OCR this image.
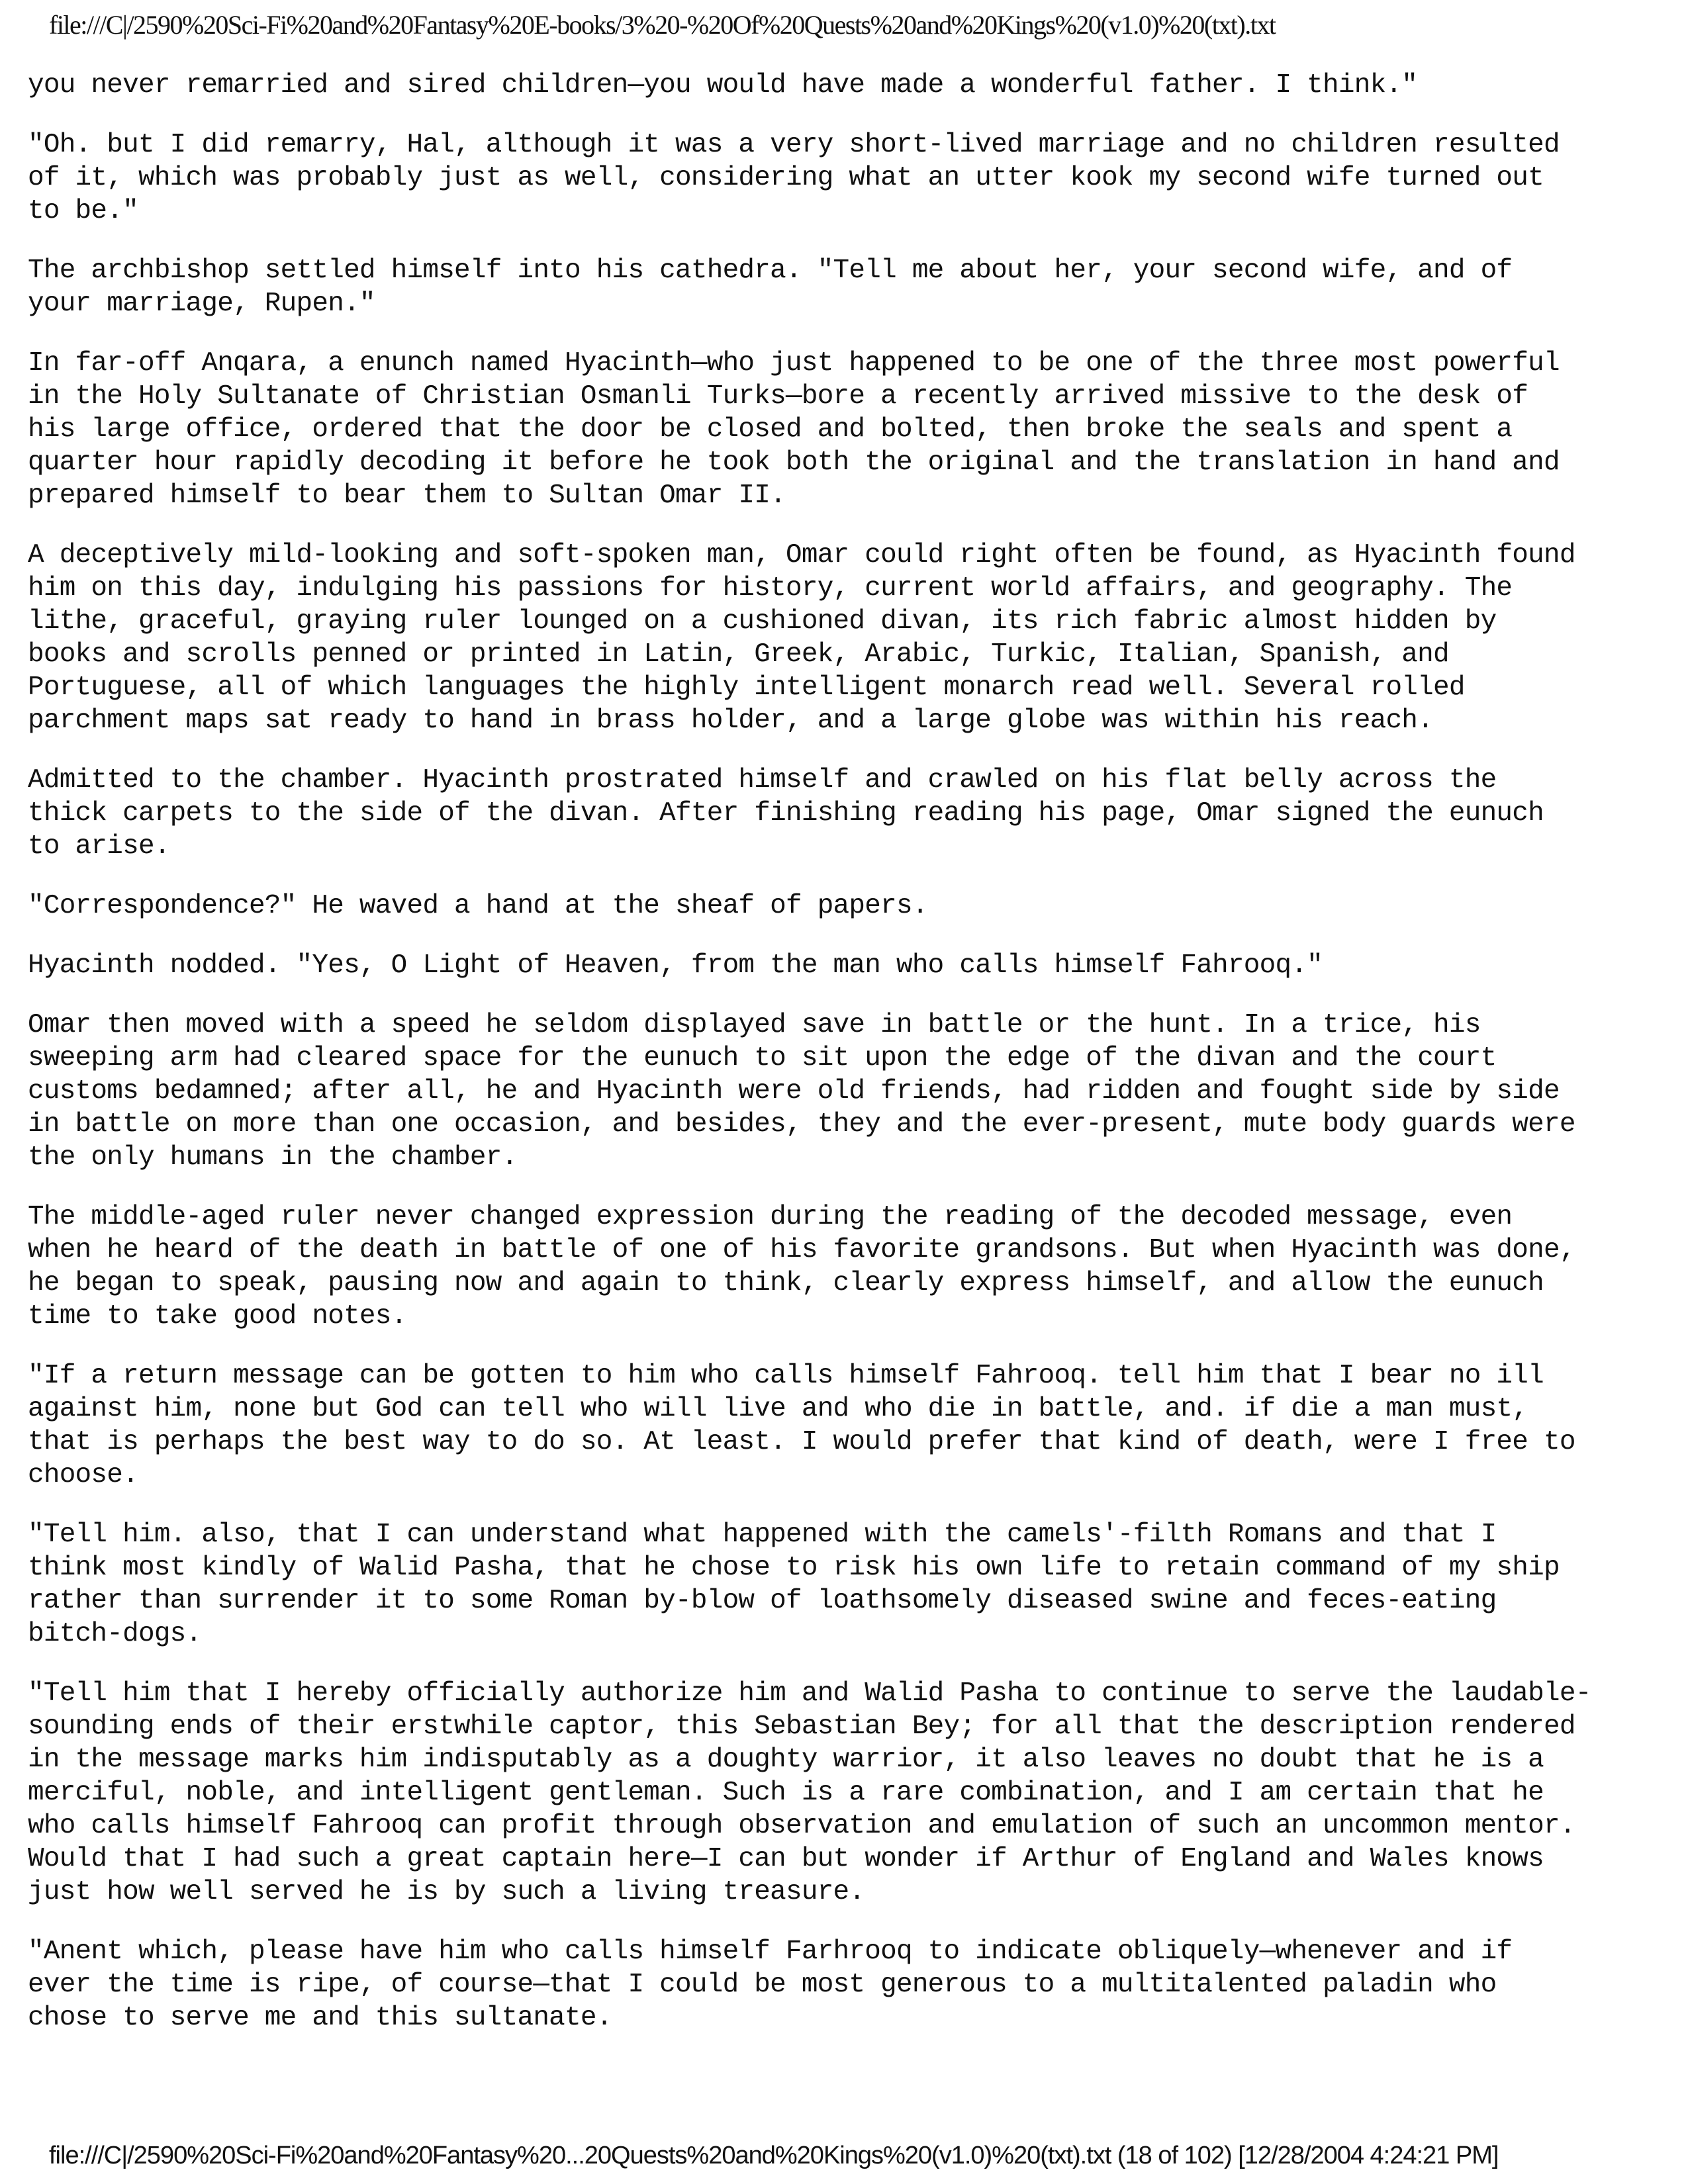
file:///C|/2590%20Sci-Fi%20and%20Fantasy%20E-books/3%20-%20Of%20Quests%20and%20Kings%20(v1.0)%20(txt).txt

you never remarried and sired children—you would have made a wonderful father. I think."

"Oh. but I did remarry, Hal, although it was a very short-lived marriage and no children resulted
of it, which was probably just as well, considering what an utter kook my second wife turned out
to be."

The archbishop settled himself into his cathedra. "Tell me about her, your second wife, and of
your marriage, Rupen."

In far-off Anqara, a enunch named Hyacinth—who just happened to be one of the three most powerful
in the Holy Sultanate of Christian Osmanli Turks—bore a recently arrived missive to the desk of
his large office, ordered that the door be closed and bolted, then broke the seals and spent a
quarter hour rapidly decoding it before he took both the original and the translation in hand and
prepared himself to bear them to Sultan Omar II.

A deceptively mild-looking and soft-spoken man, Omar could right often be found, as Hyacinth found
him on this day, indulging his passions for history, current world affairs, and geography. The
lithe, graceful, graying ruler lounged on a cushioned divan, its rich fabric almost hidden by
books and scrolls penned or printed in Latin, Greek, Arabic, Turkic, Italian, Spanish, and
Portuguese, all of which languages the highly intelligent monarch read well. Several rolled
parchment maps sat ready to hand in brass holder, and a large globe was within his reach.

Admitted to the chamber. Hyacinth prostrated himself and crawled on his flat belly across the
thick carpets to the side of the divan. After finishing reading his page, Omar signed the eunuch
to arise.

"Correspondence?" He waved a hand at the sheaf of papers.

Hyacinth nodded. "Yes, O Light of Heaven, from the man who calls himself Fahrooq."

Omar then moved with a speed he seldom displayed save in battle or the hunt. In a trice, his
sweeping arm had cleared space for the eunuch to sit upon the edge of the divan and the court
customs bedamned; after all, he and Hyacinth were old friends, had ridden and fought side by side
in battle on more than one occasion, and besides, they and the ever-present, mute body guards were
the only humans in the chamber.

The middle-aged ruler never changed expression during the reading of the decoded message, even
when he heard of the death in battle of one of his favorite grandsons. But when Hyacinth was done,
he began to speak, pausing now and again to think, clearly express himself, and allow the eunuch
time to take good notes.

"If a return message can be gotten to him who calls himself Fahrooq. tell him that I bear no ill
against him, none but God can tell who will live and who die in battle, and. if die a man must,
that is perhaps the best way to do so. At least. I would prefer that kind of death, were I free to
choose.

"Tell him. also, that I can understand what happened with the camels'-filth Romans and that I
think most kindly of Walid Pasha, that he chose to risk his own life to retain command of my ship
rather than surrender it to some Roman by-blow of loathsomely diseased swine and feces-eating
bitch-dogs.

"Tell him that I hereby officially authorize him and Walid Pasha to continue to serve the laudable-
sounding ends of their erstwhile captor, this Sebastian Bey; for all that the description rendered
in the message marks him indisputably as a doughty warrior, it also leaves no doubt that he is a
merciful, noble, and intelligent gentleman. Such is a rare combination, and I am certain that he
who calls himself Fahrooq can profit through observation and emulation of such an uncommon mentor.
Would that I had such a great captain here—I can but wonder if Arthur of England and Wales knows
just how well served he is by such a living treasure.

"Anent which, please have him who calls himself Farhrooq to indicate obliquely—whenever and if
ever the time is ripe, of course—that I could be most generous to a multitalented paladin who
chose to serve me and this sultanate.

file:///C|/2590%20Sci-Fi%20and%20Fantasy%20...20Quests%20and%20Kings%20(v1.0)%20(txt).txt (18 of 102) [12/28/2004 4:24:21 PM]
